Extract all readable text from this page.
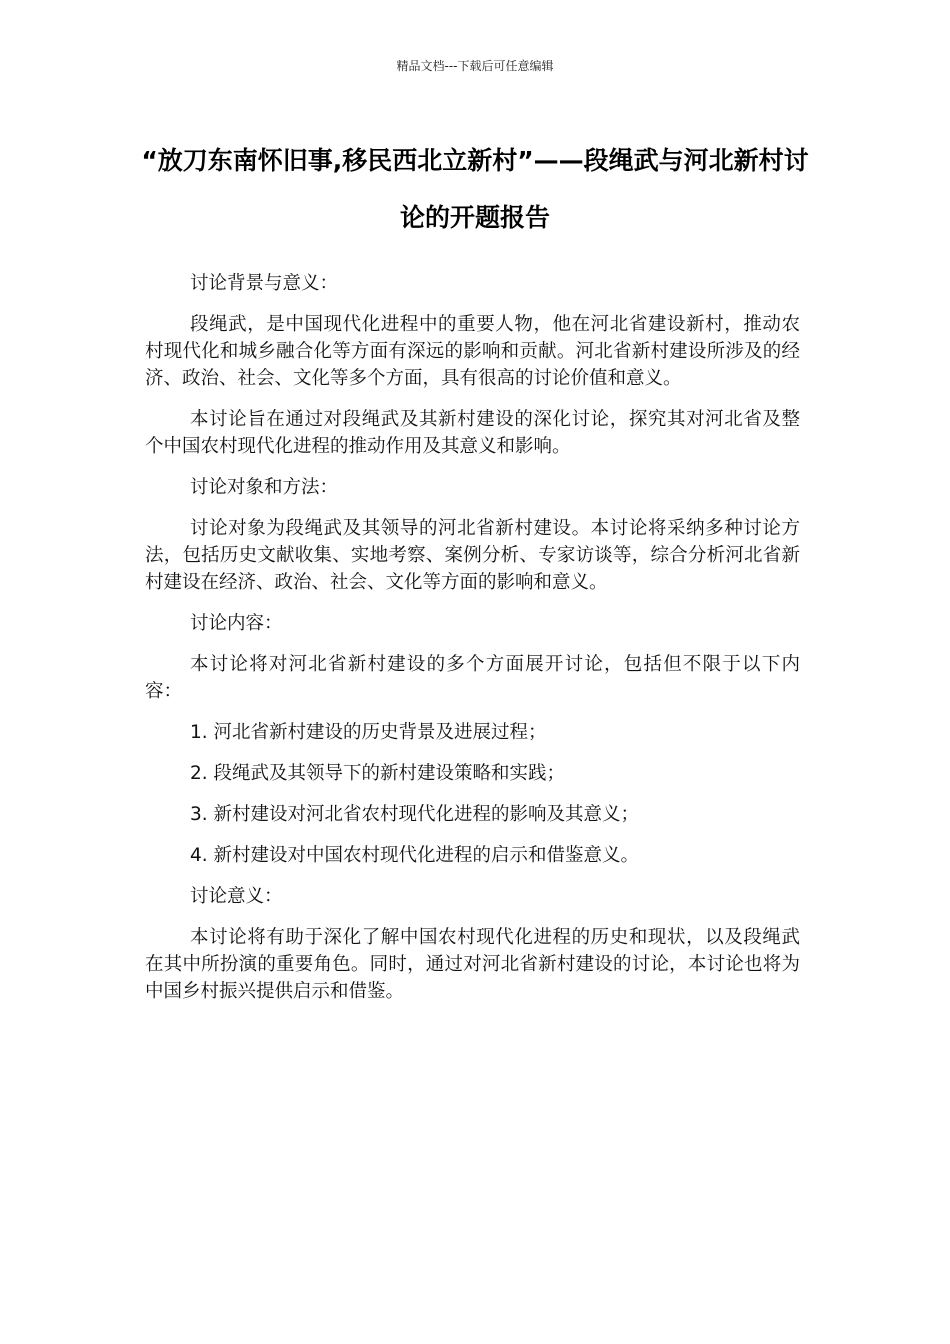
精品文档---下载后可任意编辑
“放刀东南怀旧事,移民西北立新村”——段绳武与河北新村讨论的开题报告

讨论背景与意义：

段绳武，是中国现代化进程中的重要人物，他在河北省建设新村，推动农村现代化和城乡融合化等方面有深远的影响和贡献。河北省新村建设所涉及的经济、政治、社会、文化等多个方面，具有很高的讨论价值和意义。

本讨论旨在通过对段绳武及其新村建设的深化讨论，探究其对河北省及整个中国农村现代化进程的推动作用及其意义和影响。

讨论对象和方法：

讨论对象为段绳武及其领导的河北省新村建设。本讨论将采纳多种讨论方法，包括历史文献收集、实地考察、案例分析、专家访谈等，综合分析河北省新村建设在经济、政治、社会、文化等方面的影响和意义。

讨论内容：

本讨论将对河北省新村建设的多个方面展开讨论，包括但不限于以下内容：

1. 河北省新村建设的历史背景及进展过程；

2. 段绳武及其领导下的新村建设策略和实践；

3. 新村建设对河北省农村现代化进程的影响及其意义；

4. 新村建设对中国农村现代化进程的启示和借鉴意义。

讨论意义：

本讨论将有助于深化了解中国农村现代化进程的历史和现状，以及段绳武在其中所扮演的重要角色。同时，通过对河北省新村建设的讨论，本讨论也将为中国乡村振兴提供启示和借鉴。
